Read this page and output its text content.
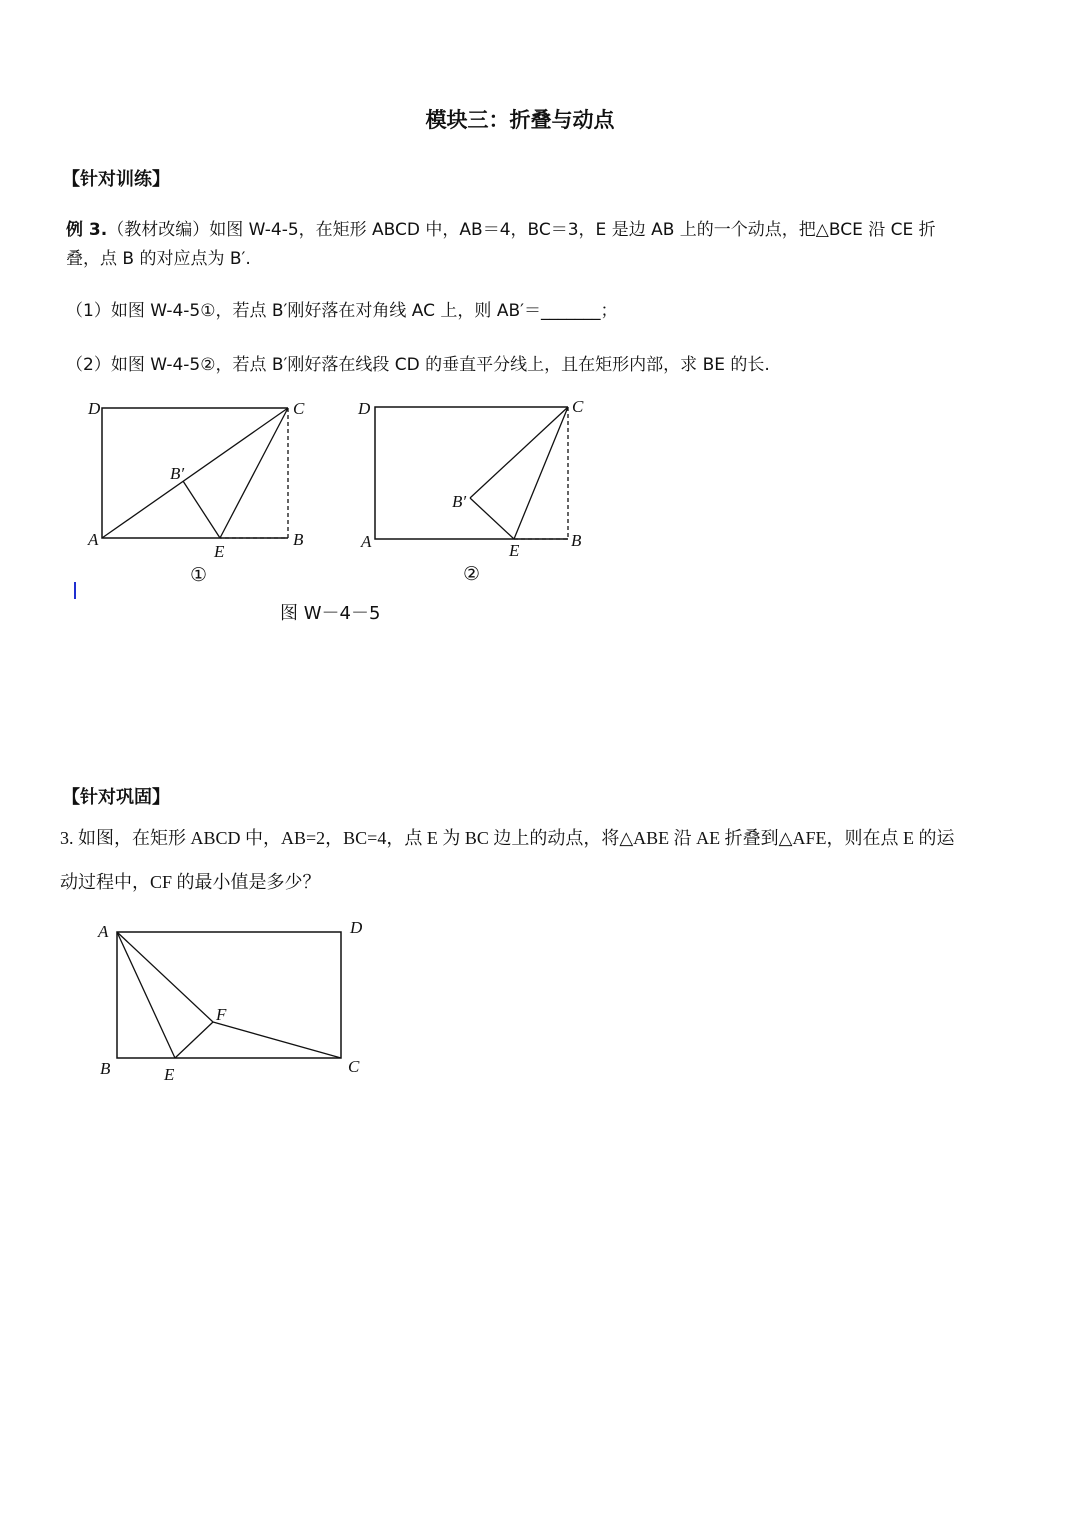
模块三：折叠与动点
【针对训练】
例 3.（教材改编）如图 W-4-5，在矩形 ABCD 中，AB＝4，BC＝3，E 是边 AB 上的一个动点，把△BCE 沿 CE 折
叠，点 B 的对应点为 B′.
（1）如图 W-4-5①，若点 B′刚好落在对角线 AC 上，则 AB′＝_______；
（2）如图 W-4-5②，若点 B′刚好落在线段 CD 的垂直平分线上，且在矩形内部，求 BE 的长.
D	C
B′
A
E
B
①
D	C
B′
A	E
B
②
图 W－4－5
【针对巩固】
3. 如图，在矩形 ABCD 中，AB=2，BC=4，点 E 为 BC 边上的动点，将△ABE 沿 AE 折叠到△AFE，则在点 E 的运
动过程中，CF 的最小值是多少？
A	D
F
B	E	C
